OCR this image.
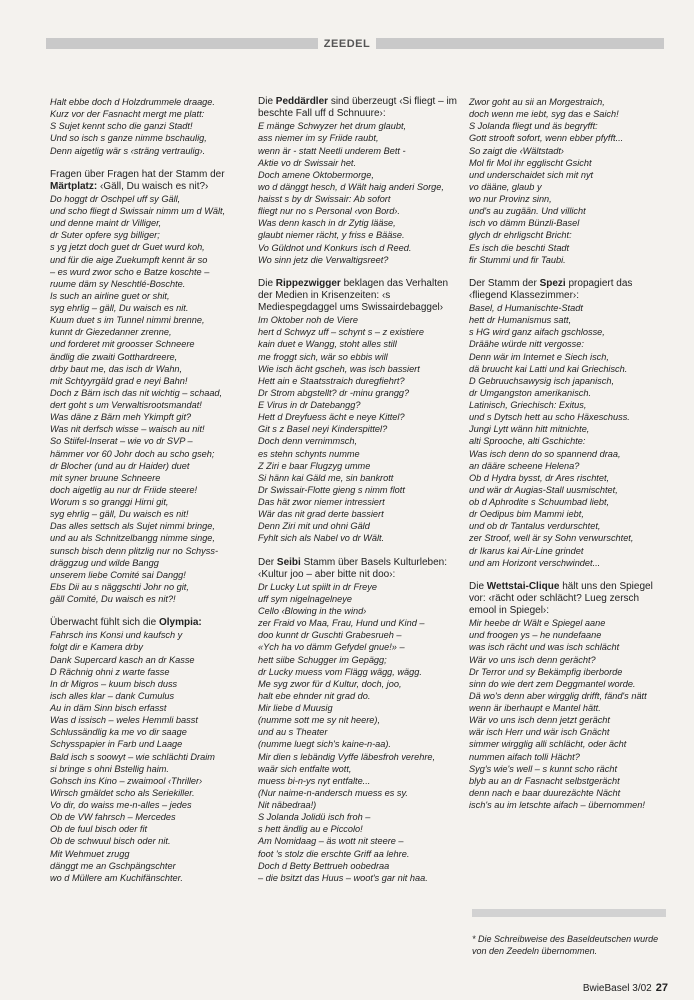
ZEEDEL
Halt ebbe doch d Holzdrummele draage.
Kurz vor der Fasnacht mergt me platt:
S Sujet kennt scho die ganzi Stadt!
Und so isch s ganze nimme bschaulig,
Denn aigetlig wär s ‹sträng vertraulig›.
Fragen über Fragen hat der Stamm der Märtplatz: ‹Gäll, Du waisch es nit?›
Do hoggt dr Oschpel uff sy Gäll,
und scho fliegt d Swissair nimm um d Wält,
und denne maint dr Villiger,
dr Suter opfere syg billiger;
s yg jetzt doch guet dr Guet wurd koh,
und für die aige Zuekumpft kennt är so
– es wurd zwor scho e Batze koschte –
ruume däm sy Neschtlé-Boschte.
Is such an airline guet or shit,
syg ehrlig – gäll, Du waisch es nit.
Kuum duet s im Tunnel nimmi brenne,
kunnt dr Giezedanner zrenne,
und forderet mit groosser Schneere
ändlig die zwaiti Gotthardreere,
drby baut me, das isch dr Wahn,
mit Schtyyrgäld grad e neyi Bahn!
Doch z Bärn isch das nit wichtig – schaad,
dert goht s um Verwaltisrootsmandat!
Was däne z Bärn meh Ykimpft git?
Was nit derfsch wisse – waisch au nit!
So Stiifel-Inserat – wie vo dr SVP –
hämmer vor 60 Johr doch au scho gseh;
dr Blocher (und au dr Haider) duet
mit syner bruune Schneere
doch aigetlig au nur dr Friide steere!
Worum s so granggi Hirni git,
syg ehrlig – gäll, Du waisch es nit!
Das alles settsch als Sujet nimmi bringe,
und au als Schnitzelbangg nimme singe,
sunsch bisch denn plitzlig nur no Schyss-
dräggzug und wilde Bangg
unserem liebe Comité sai Dangg!
Ebs Dii au s näggschti Johr no git,
gäll Comité, Du waisch es nit?!
Überwacht fühlt sich die Olympia:
Fahrsch ins Konsi und kaufsch y
folgt dir e Kamera drby
Dank Supercard kasch an dr Kasse
D Rächnig ohni z warte fasse
In dr Migros – kuum bisch duss
isch alles klar – dank Cumulus
Au in däm Sinn bisch erfasst
Was d issisch – weles Hemmli basst
Schlussändlig ka me vo dir saage
Schysspapier in Farb und Laage
Bald isch s soowyt – wie schlächti Draim
si bringe s ohni Bstellig haim.
Gohsch ins Kino – zwaimool ‹Thriller›
Wirsch gmäldet scho als Seriekiller.
Vo dir, do waiss me-n-alles – jedes
Ob de VW fahrsch – Mercedes
Ob de fuul bisch oder fit
Ob de schwuul bisch oder nit.
Mit Wehmuet zrugg
dänggt me an Gschpängschter
wo d Müllere am Kuchifänschter.
Die Peddärdler sind überzeugt ‹Si fliegt – im beschte Fall uff d Schnuure›:
E mänge Schwyzer het drum glaubt,
ass niemer im sy Friide raubt,
wenn är - statt Neetli underem Bett -
Aktie vo dr Swissair het.
Doch amene Oktobermorge,
wo d dänggt hesch, d Wält haig anderi Sorge,
haisst s by dr Swissair: Ab sofort
fliegt nur no s Personal ‹von Bord›.
Was denn kasch in dr Zytig lääse,
glaubt niemer rächt, y friss e Bääse.
Vo Güldnot und Konkurs isch d Reed.
Wo sinn jetz die Verwaltigsreet?
Die Rippezwigger beklagen das Verhalten der Medien in Krisenzeiten: ‹s Mediespegdaggel ums Swissairdebaggel›
Im Oktober noh de Viere
hert d Schwyz uff – schynt s – z existiere
kain duet e Wangg, stoht alles still
me froggt sich, wär so ebbis will
Wie isch ächt gscheh, was isch bassiert
Hett ain e Staatsstraich duregfiehrt?
Dr Strom abgstellt? dr -minu grangg?
E Virus in dr Datebangg?
Hett d Dreyfuess ächt e neye Kittel?
Git s z Basel neyi Kinderspittel?
Doch denn vernimmsch,
es stehn schynts numme
Z Ziri e baar Flugzyg umme
Si hänn kai Gäld me, sin bankrott
Dr Swissair-Flotte gieng s nimm flott
Das hät zwor niemer intressiert
Wär das nit grad derte bassiert
Denn Ziri mit und ohni Gäld
Fyhlt sich als Nabel vo dr Wält.
Der Seibi Stamm über Basels Kulturleben: ‹Kultur joo – aber bitte nit doo›:
Dr Lucky Lut spiilt in dr Freye
uff sym nigelnagelneye
Cello ‹Blowing in the wind›
zer Fraid vo Maa, Frau, Hund und Kind –
doo kunnt dr Guschti Grabesrueh –
«Ych ha vo dämm Gefydel gnue!» –
hett siibe Schugger im Gepägg;
dr Lucky muess vom Flägg wägg, wägg.
Me syg zwor für d Kultur, doch, joo,
halt ebe ehnder nit grad do.
Mir liebe d Muusig
(numme sott me sy nit heere),
und au s Theater
(numme luegt sich's kaine-n-aa).
Mir dien s lebändig Vyffe läbesfroh verehre,
waär sich entfalte wott,
muess bi-n-ys nyt entfalte...
(Nur naime-n-andersch muess es sy.
Nit näbedraa!)
S Jolanda Jolidü isch froh –
s hett ändlig au e Piccolo!
Am Nomidaag – äs wott nit steere –
foot 's stolz die erschte Griff aa lehre.
Doch d Betty Bettrueh oobedraa
– die bsitzt das Huus – woot's gar nit haa.
Zwor goht au sii an Morgestraich,
doch wenn me iebt, syg das e Saich!
S Jolanda fliegt und äs begryfft:
Gott strooft sofort, wenn ebber pfyfft...
So zaigt die ‹Wältstadt›
Mol fir Mol ihr egglischt Gsicht
und underschaidet sich mit nyt
vo dääne, glaub y
wo nur Provinz sinn,
und's au zugään. Und villicht
isch vo dämm Bünzli-Basel
glych dr ehrligscht Bricht:
Es isch die beschti Stadt
fir Stummi und fir Taubi.
Der Stamm der Spezi propagiert das ‹fliegend Klassezimmer›:
Basel, d Humanischte-Stadt
hett dr Humanismus satt,
s HG wird ganz aifach gschlosse,
Dräähe würde nitt vergosse:
Denn wär im Internet e Siech isch,
dä bruucht kai Latti und kai Griechisch.
D Gebruuchsawysig isch japanisch,
dr Umgangston amerikanisch.
Latinisch, Griechisch: Exitus,
und s Dytsch hett au scho Häxeschuss.
Jungi Lytt wänn hitt mitnichte,
alti Sprooche, alti Gschichte:
Was isch denn do so spannend draa,
an dääre scheene Helena?
Ob d Hydra bysst, dr Ares rischtet,
und wär dr Augias-Stall uusmischtet,
ob d Aphrodite s Schuumbad liebt,
dr Oedipus bim Mammi iebt,
und ob dr Tantalus verdurschtet,
zer Stroof, well är sy Sohn verwurschtet,
dr Ikarus kai Air-Line grindet
und am Horizont verschwindet...
Die Wettstai-Clique hält uns den Spiegel vor: ‹rächt oder schlächt? Lueg zersch emool in Spiegel›:
Mir heebe dr Wält e Spiegel aane
und froogen ys – he nundefaane
was isch rächt und was isch schlächt
Wär vo uns isch denn gerächt?
Dr Terror und sy Bekämpfig iberborde
sinn do wie dert zem Deggmantel worde.
Dä wo's denn aber wirgglig drifft, fänd's nätt
wenn är iberhaupt e Mantel hätt.
Wär vo uns isch denn jetzt gerächt
wär isch Herr und wär isch Gnächt
simmer wirgglig alli schlächt, oder ächt
nummen aifach tolli Hächt?
Syg's wie's well – s kunnt scho rächt
blyb au an dr Fasnacht selbstgerächt
denn nach e baar duurezächte Nächt
isch's au im letschte aifach – übernommen!
* Die Schreibweise des Baseldeutschen wurde von den Zeedeln übernommen.
BwieBasel 3/02 27
